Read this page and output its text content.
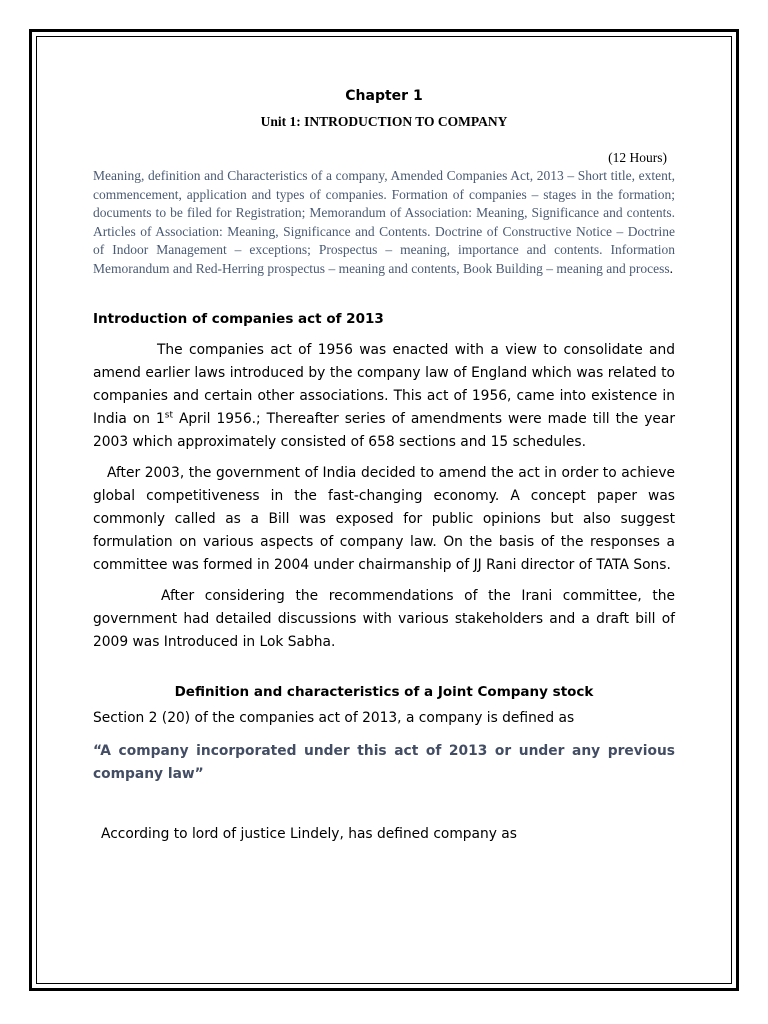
Chapter 1
Unit 1: INTRODUCTION TO COMPANY
(12 Hours)

Meaning, definition and Characteristics of a company, Amended Companies Act, 2013 – Short title, extent, commencement, application and types of companies. Formation of companies – stages in the formation; documents to be filed for Registration; Memorandum of Association: Meaning, Significance and contents. Articles of Association: Meaning, Significance and Contents. Doctrine of Constructive Notice – Doctrine of Indoor Management – exceptions; Prospectus – meaning, importance and contents. Information Memorandum and Red-Herring prospectus – meaning and contents, Book Building – meaning and process.

Introduction of companies act of 2013

The companies act of 1956 was enacted with a view to consolidate and amend earlier laws introduced by the company law of England which was related to companies and certain other associations. This act of 1956, came into existence in India on 1st April 1956.; Thereafter series of amendments were made till the year 2003 which approximately consisted of 658 sections and 15 schedules.

After 2003, the government of India decided to amend the act in order to achieve global competitiveness in the fast-changing economy. A concept paper was commonly called as a Bill was exposed for public opinions but also suggest formulation on various aspects of company law. On the basis of the responses a committee was formed in 2004 under chairmanship of JJ Rani director of TATA Sons.

After considering the recommendations of the Irani committee, the government had detailed discussions with various stakeholders and a draft bill of 2009 was Introduced in Lok Sabha.

Definition and characteristics of a Joint Company stock
Section 2 (20) of the companies act of 2013, a company is defined as

“A company incorporated under this act of 2013 or under any previous company law”

According to lord of justice Lindely, has defined company as
